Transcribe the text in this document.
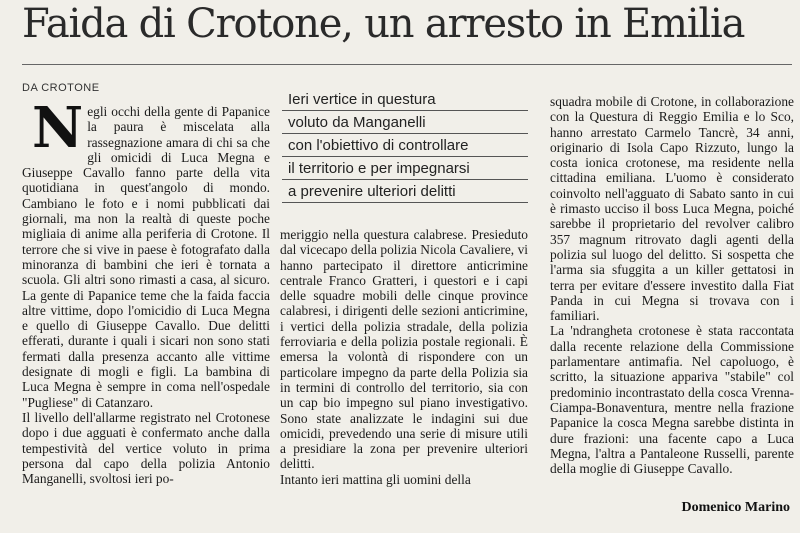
Faida di Crotone, un arresto in Emilia
DA CROTONE
N egli occhi della gente di Papanice la paura è miscelata alla rassegnazione amara di chi sa che gli omicidi di Luca Megna e Giuseppe Cavallo fanno parte della vita quotidiana in quest'angolo di mondo. Cambiano le foto e i nomi pubblicati dai giornali, ma non la realtà di queste poche migliaia di anime alla periferia di Crotone. Il terrore che si vive in paese è fotografato dalla minoranza di bambini che ieri è tornata a scuola. Gli altri sono rimasti a casa, al sicuro. La gente di Papanice teme che la faida faccia altre vittime, dopo l'omicidio di Luca Megna e quello di Giuseppe Cavallo. Due delitti efferati, durante i quali i sicari non sono stati fermati dalla presenza accanto alle vittime designate di mogli e figli. La bambina di Luca Megna è sempre in coma nell'ospedale "Pugliese" di Catanzaro.

Il livello dell'allarme registrato nel Crotonese dopo i due agguati è confermato anche dalla tempestività del vertice voluto in prima persona dal capo della polizia Antonio Manganelli, svoltosi ieri po-

Ieri vertice in questura
voluto da Manganelli
con l'obiettivo di controllare
il territorio e per impegnarsi
a prevenire ulteriori delitti

meriggio nella questura calabrese. Presieduto dal vicecapo della polizia Nicola Cavaliere, vi hanno partecipato il direttore anticrimine centrale Franco Gratteri, i questori e i capi delle squadre mobili delle cinque province calabresi, i dirigenti delle sezioni anticrimine, i vertici della polizia stradale, della polizia ferroviaria e della polizia postale regionali. È emersa la volontà di rispondere con un particolare impegno da parte della Polizia sia in termini di controllo del territorio, sia con un cap bio impegno sul piano investigativo. Sono state analizzate le indagini sui due omicidi, prevedendo una serie di misure utili a presidiare la zona per prevenire ulteriori delitti.

Intanto ieri mattina gli uomini della

squadra mobile di Crotone, in collaborazione con la Questura di Reggio Emilia e lo Sco, hanno arrestato Carmelo Tancrè, 34 anni, originario di Isola Capo Rizzuto, lungo la costa ionica crotonese, ma residente nella cittadina emiliana. L'uomo è considerato coinvolto nell'agguato di Sabato santo in cui è rimasto ucciso il boss Luca Megna, poiché sarebbe il proprietario del revolver calibro 357 magnum ritrovato dagli agenti della polizia sul luogo del delitto. Si sospetta che l'arma sia sfuggita a un killer gettatosi in terra per evitare d'essere investito dalla Fiat Panda in cui Megna si trovava con i familiari.

La 'ndrangheta crotonese è stata raccontata dalla recente relazione della Commissione parlamentare antimafia. Nel capoluogo, è scritto, la situazione appariva "stabile" col predominio incontrastato della cosca Vrenna-Ciampa-Bonaventura, mentre nella frazione Papanice la cosca Megna sarebbe distinta in dure frazioni: una facente capo a Luca Megna, l'altra a Pantaleone Russelli, parente della moglie di Giuseppe Cavallo.

Domenico Marino
